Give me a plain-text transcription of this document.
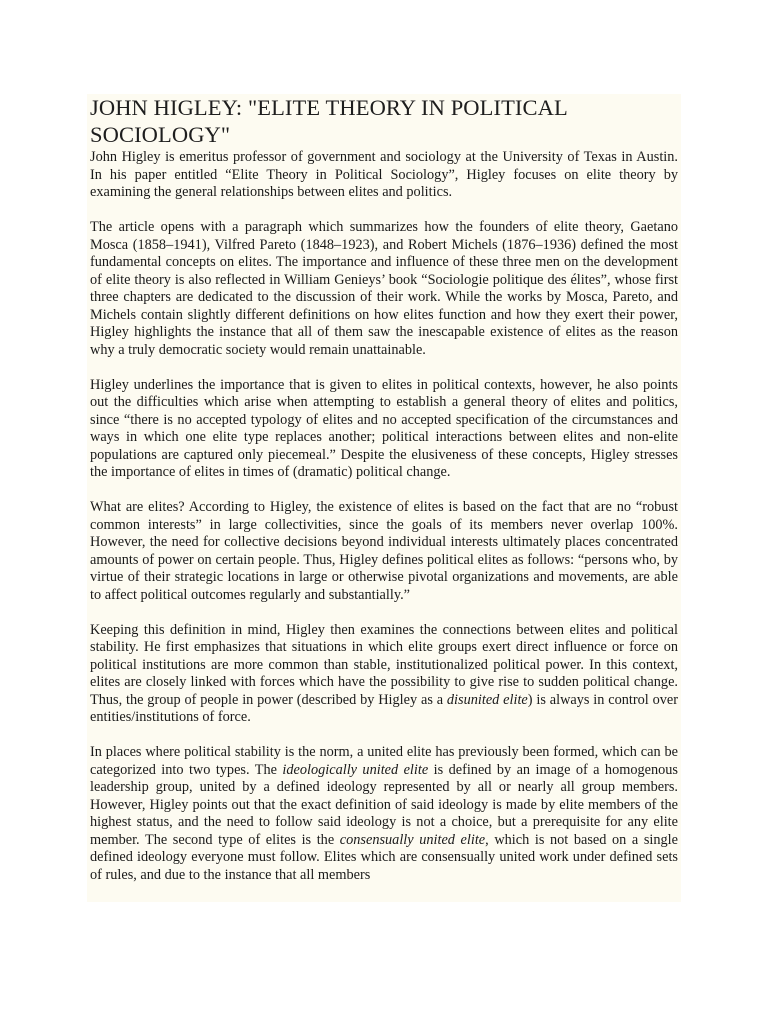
JOHN HIGLEY: "ELITE THEORY IN POLITICAL SOCIOLOGY"

John Higley is emeritus professor of government and sociology at the University of Texas in Austin. In his paper entitled “Elite Theory in Political Sociology”, Higley focuses on elite theory by examining the general relationships between elites and politics.

The article opens with a paragraph which summarizes how the founders of elite theory, Gaetano Mosca (1858–1941), Vilfred Pareto (1848–1923), and Robert Michels (1876–1936) defined the most fundamental concepts on elites. The importance and influence of these three men on the development of elite theory is also reflected in William Genieys’ book “Sociologie politique des élites”, whose first three chapters are dedicated to the discussion of their work. While the works by Mosca, Pareto, and Michels contain slightly different definitions on how elites function and how they exert their power, Higley highlights the instance that all of them saw the inescapable existence of elites as the reason why a truly democratic society would remain unattainable.

Higley underlines the importance that is given to elites in political contexts, however, he also points out the difficulties which arise when attempting to establish a general theory of elites and politics, since “there is no accepted typology of elites and no accepted specification of the circumstances and ways in which one elite type replaces another; political interactions between elites and non-elite populations are captured only piecemeal.” Despite the elusiveness of these concepts, Higley stresses the importance of elites in times of (dramatic) political change.

What are elites? According to Higley, the existence of elites is based on the fact that are no “robust common interests” in large collectivities, since the goals of its members never overlap 100%. However, the need for collective decisions beyond individual interests ultimately places concentrated amounts of power on certain people. Thus, Higley defines political elites as follows: “persons who, by virtue of their strategic locations in large or otherwise pivotal organizations and movements, are able to affect political outcomes regularly and substantially.”

Keeping this definition in mind, Higley then examines the connections between elites and political stability. He first emphasizes that situations in which elite groups exert direct influence or force on political institutions are more common than stable, institutionalized political power. In this context, elites are closely linked with forces which have the possibility to give rise to sudden political change. Thus, the group of people in power (described by Higley as a disunited elite) is always in control over entities/institutions of force.

In places where political stability is the norm, a united elite has previously been formed, which can be categorized into two types. The ideologically united elite is defined by an image of a homogenous leadership group, united by a defined ideology represented by all or nearly all group members. However, Higley points out that the exact definition of said ideology is made by elite members of the highest status, and the need to follow said ideology is not a choice, but a prerequisite for any elite member. The second type of elites is the consensually united elite, which is not based on a single defined ideology everyone must follow. Elites which are consensually united work under defined sets of rules, and due to the instance that all members
